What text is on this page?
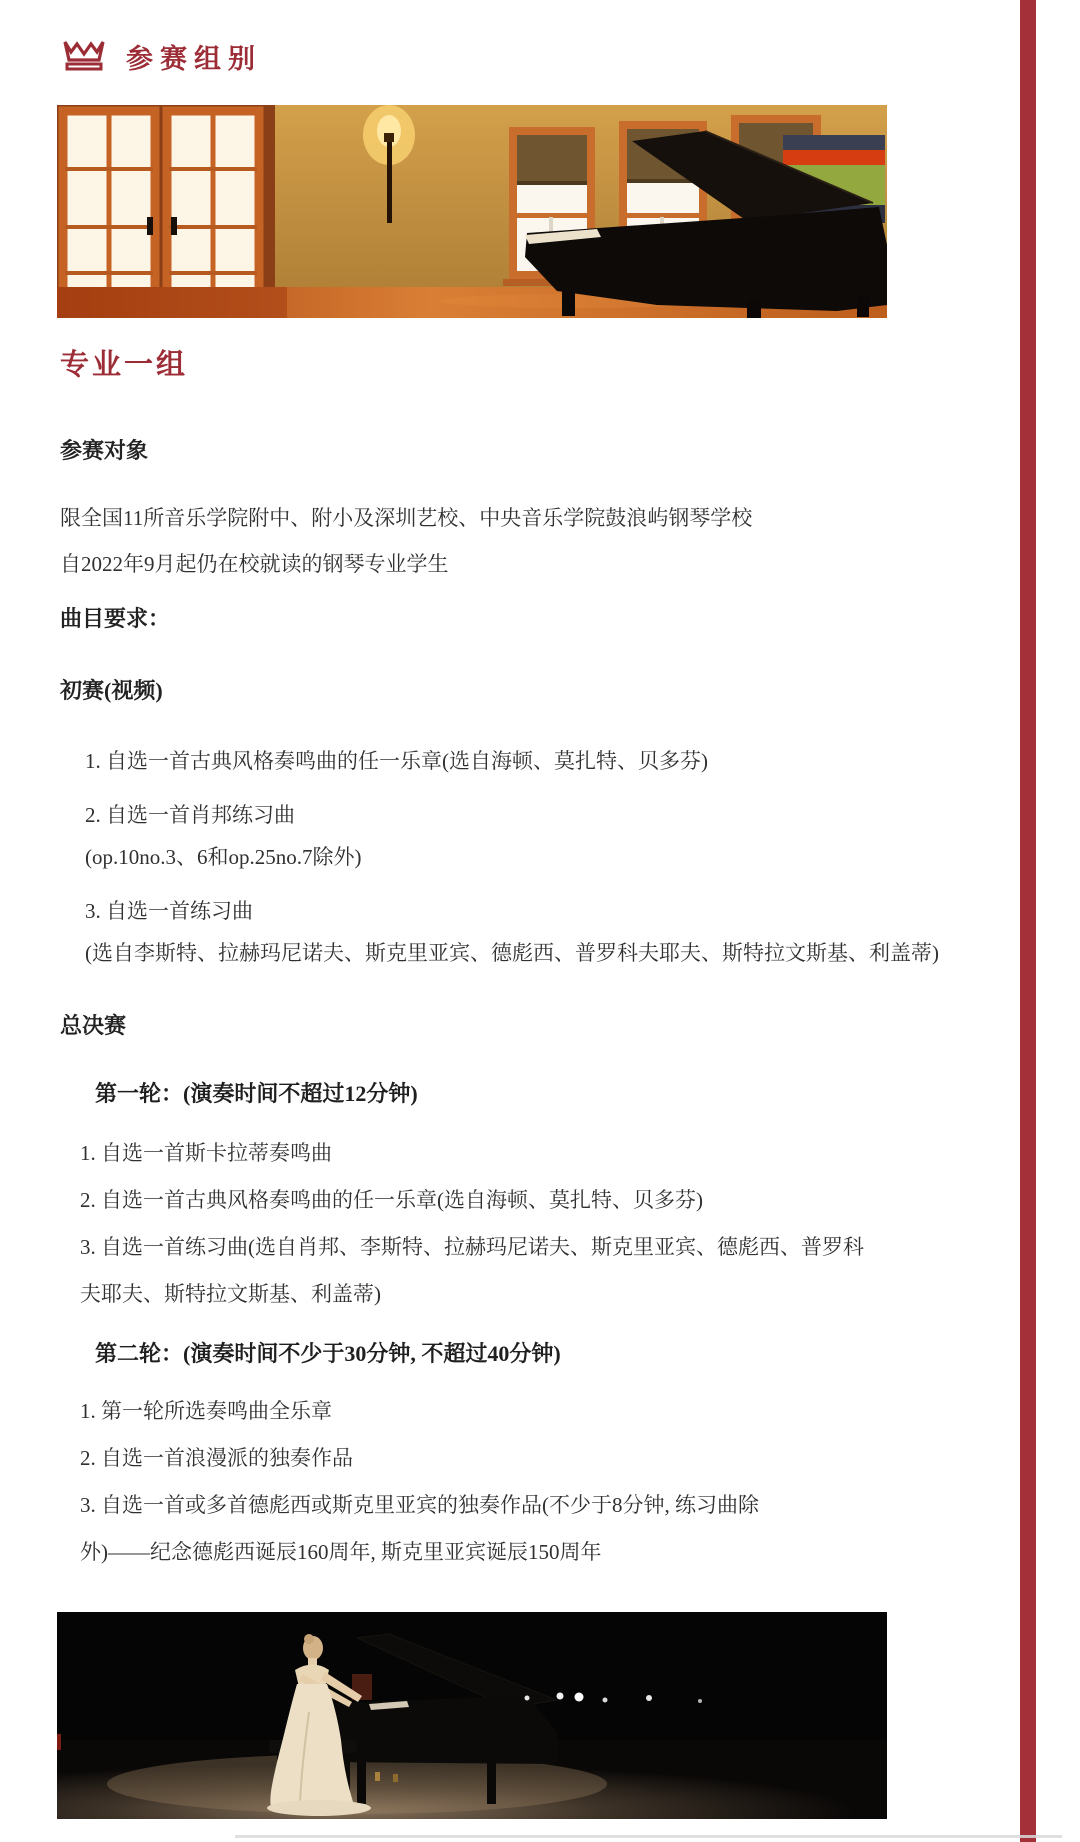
参赛组别
专业一组
参赛对象
限全国11所音乐学院附中、附小及深圳艺校、中央音乐学院鼓浪屿钢琴学校
自2022年9月起仍在校就读的钢琴专业学生
曲目要求：
初赛(视频)
1. 自选一首古典风格奏鸣曲的任一乐章(选自海顿、莫扎特、贝多芬)
2. 自选一首肖邦练习曲
(op.10no.3、6和op.25no.7除外)
3. 自选一首练习曲
(选自李斯特、拉赫玛尼诺夫、斯克里亚宾、德彪西、普罗科夫耶夫、斯特拉文斯基、利盖蒂)
总决赛
第一轮：(演奏时间不超过12分钟)
1. 自选一首斯卡拉蒂奏鸣曲
2. 自选一首古典风格奏鸣曲的任一乐章(选自海顿、莫扎特、贝多芬)
3. 自选一首练习曲(选自肖邦、李斯特、拉赫玛尼诺夫、斯克里亚宾、德彪西、普罗科
夫耶夫、斯特拉文斯基、利盖蒂)
第二轮：(演奏时间不少于30分钟, 不超过40分钟)
1. 第一轮所选奏鸣曲全乐章
2. 自选一首浪漫派的独奏作品
3. 自选一首或多首德彪西或斯克里亚宾的独奏作品(不少于8分钟, 练习曲除
外)——纪念德彪西诞辰160周年, 斯克里亚宾诞辰150周年
